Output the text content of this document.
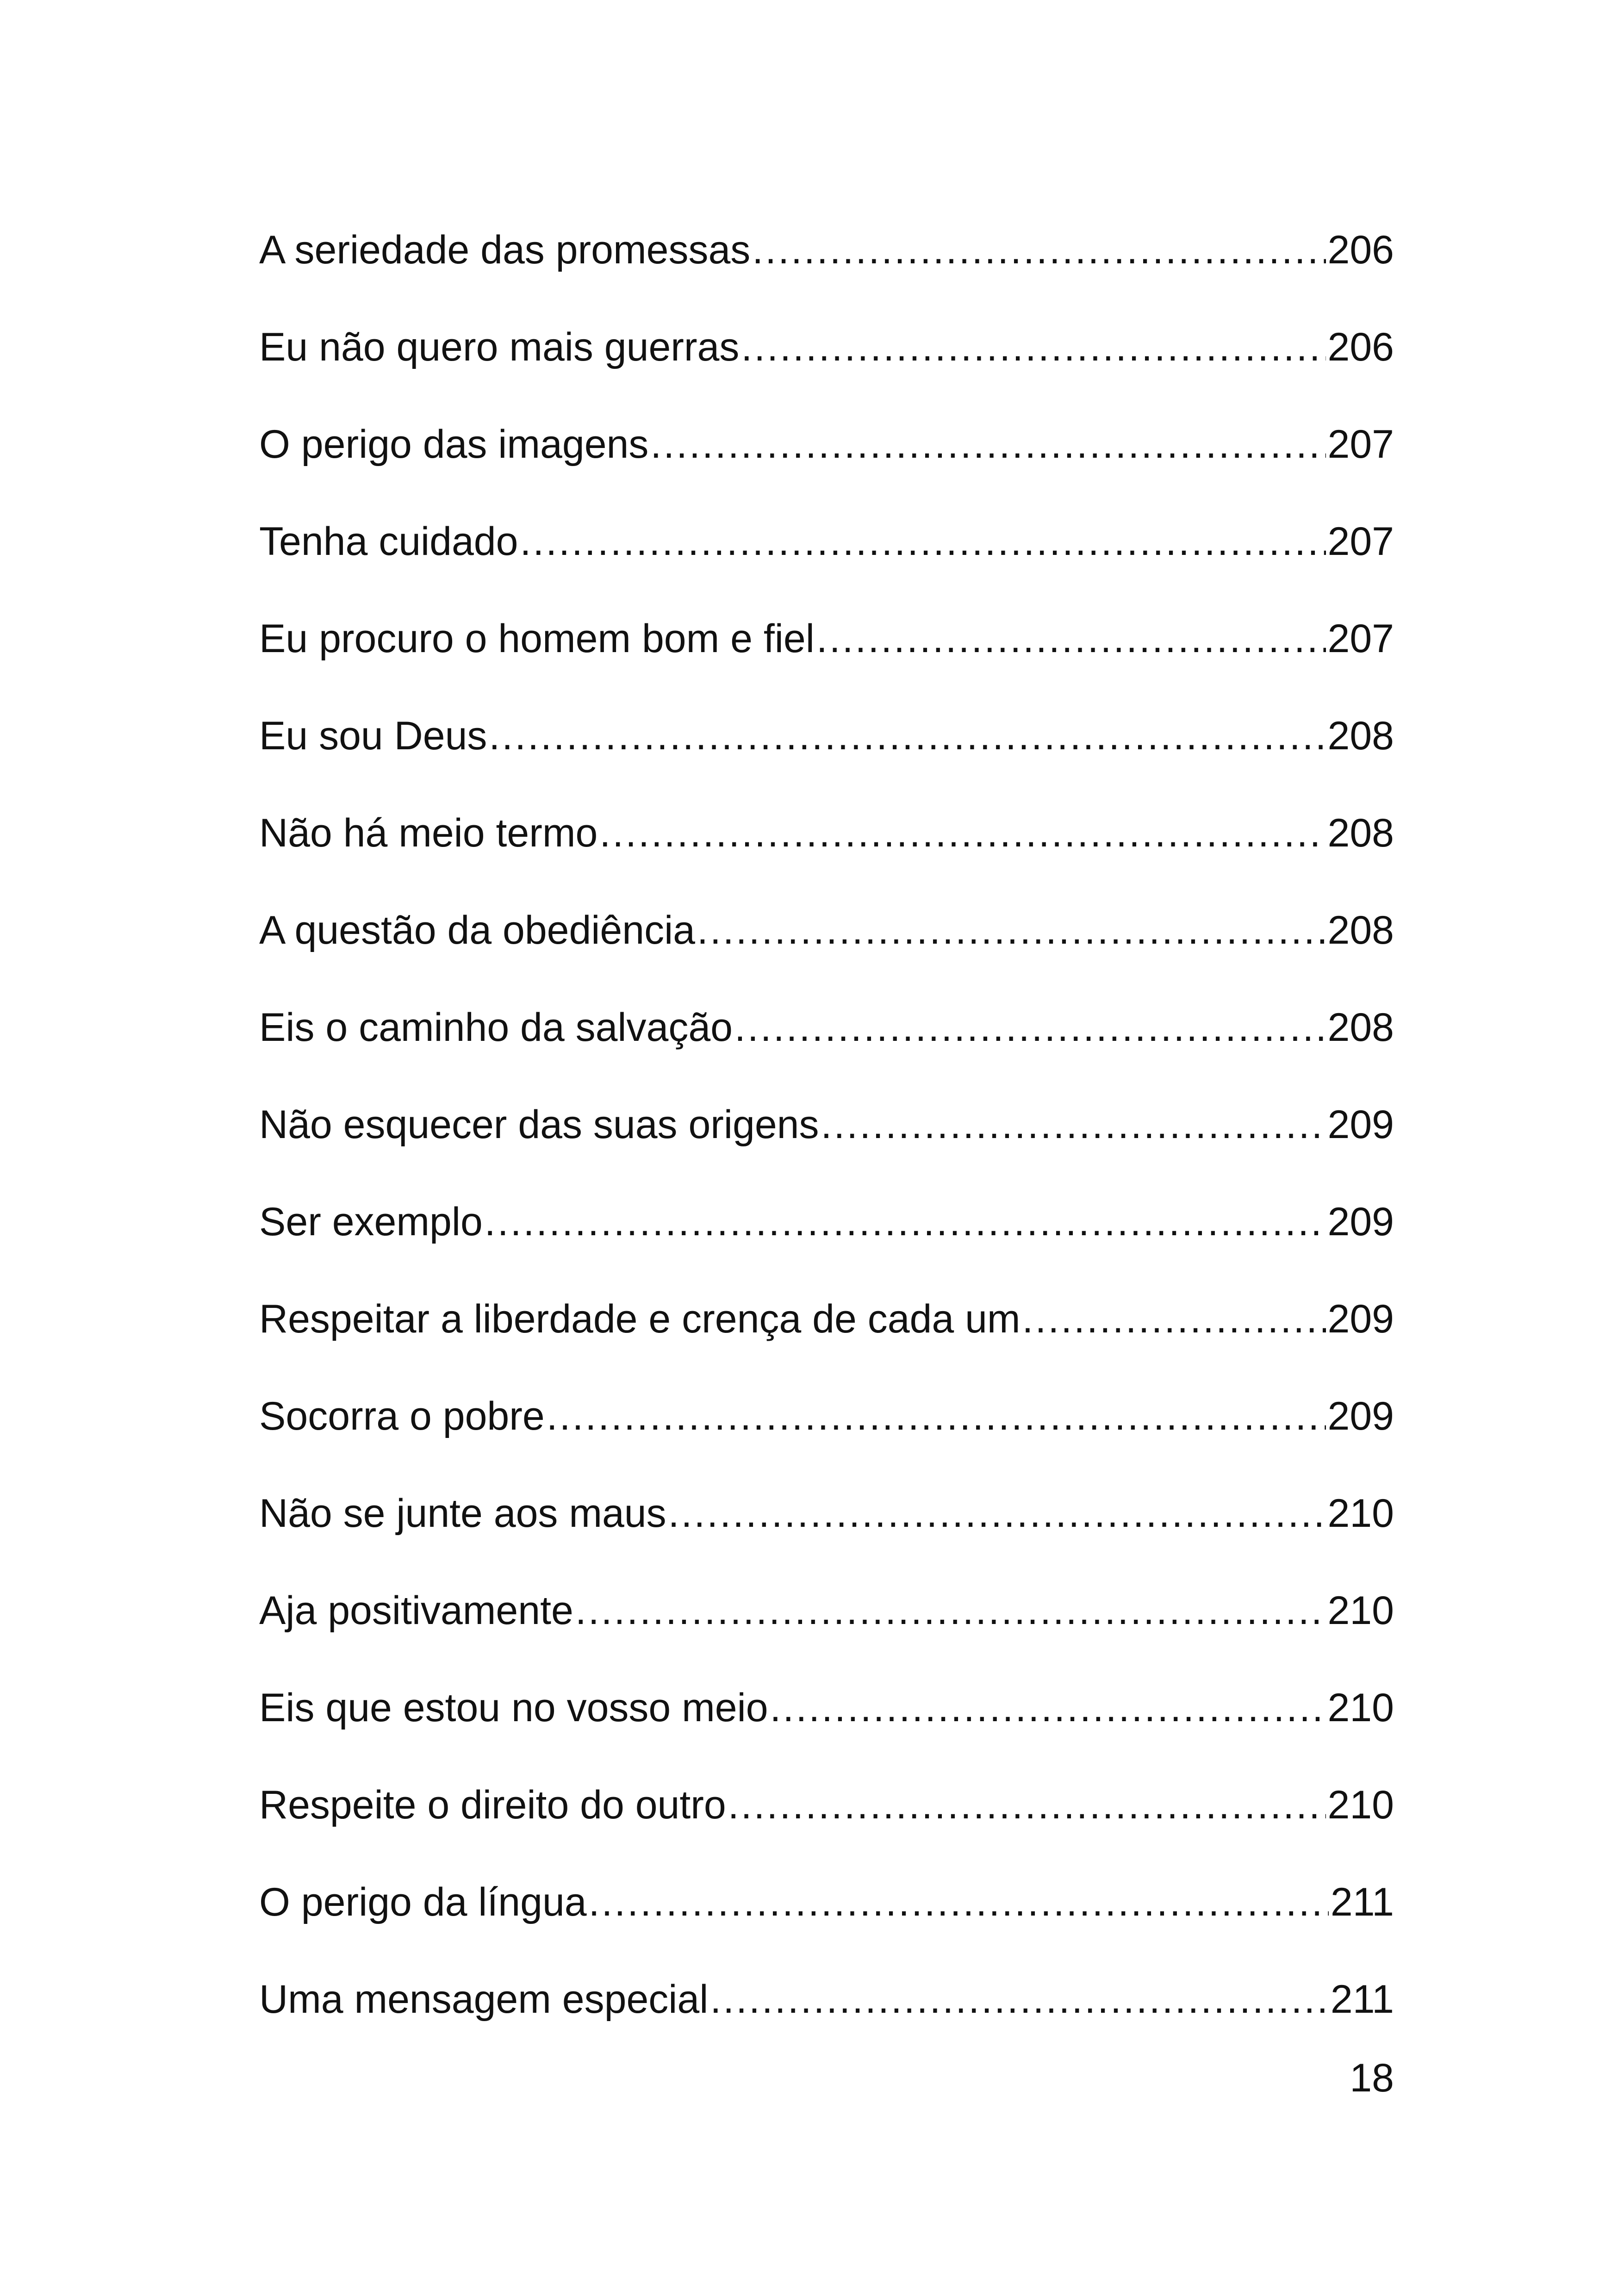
A seriedade das promessas .....	206
Eu não quero mais guerras .....	206
O perigo das imagens .....	207
Tenha cuidado .....	207
Eu procuro o homem bom e fiel .....	207
Eu sou Deus .....	208
Não há meio termo .....	208
A questão da obediência .....	208
Eis o caminho da salvação .....	208
Não esquecer das suas origens .....	209
Ser exemplo .....	209
Respeitar a liberdade e crença de cada um .....	209
Socorra o pobre .....	209
Não se junte aos maus .....	210
Aja positivamente .....	210
Eis que estou no vosso meio .....	210
Respeite o direito do outro .....	210
O perigo da língua .....	211
Uma mensagem especial .....	211
18
